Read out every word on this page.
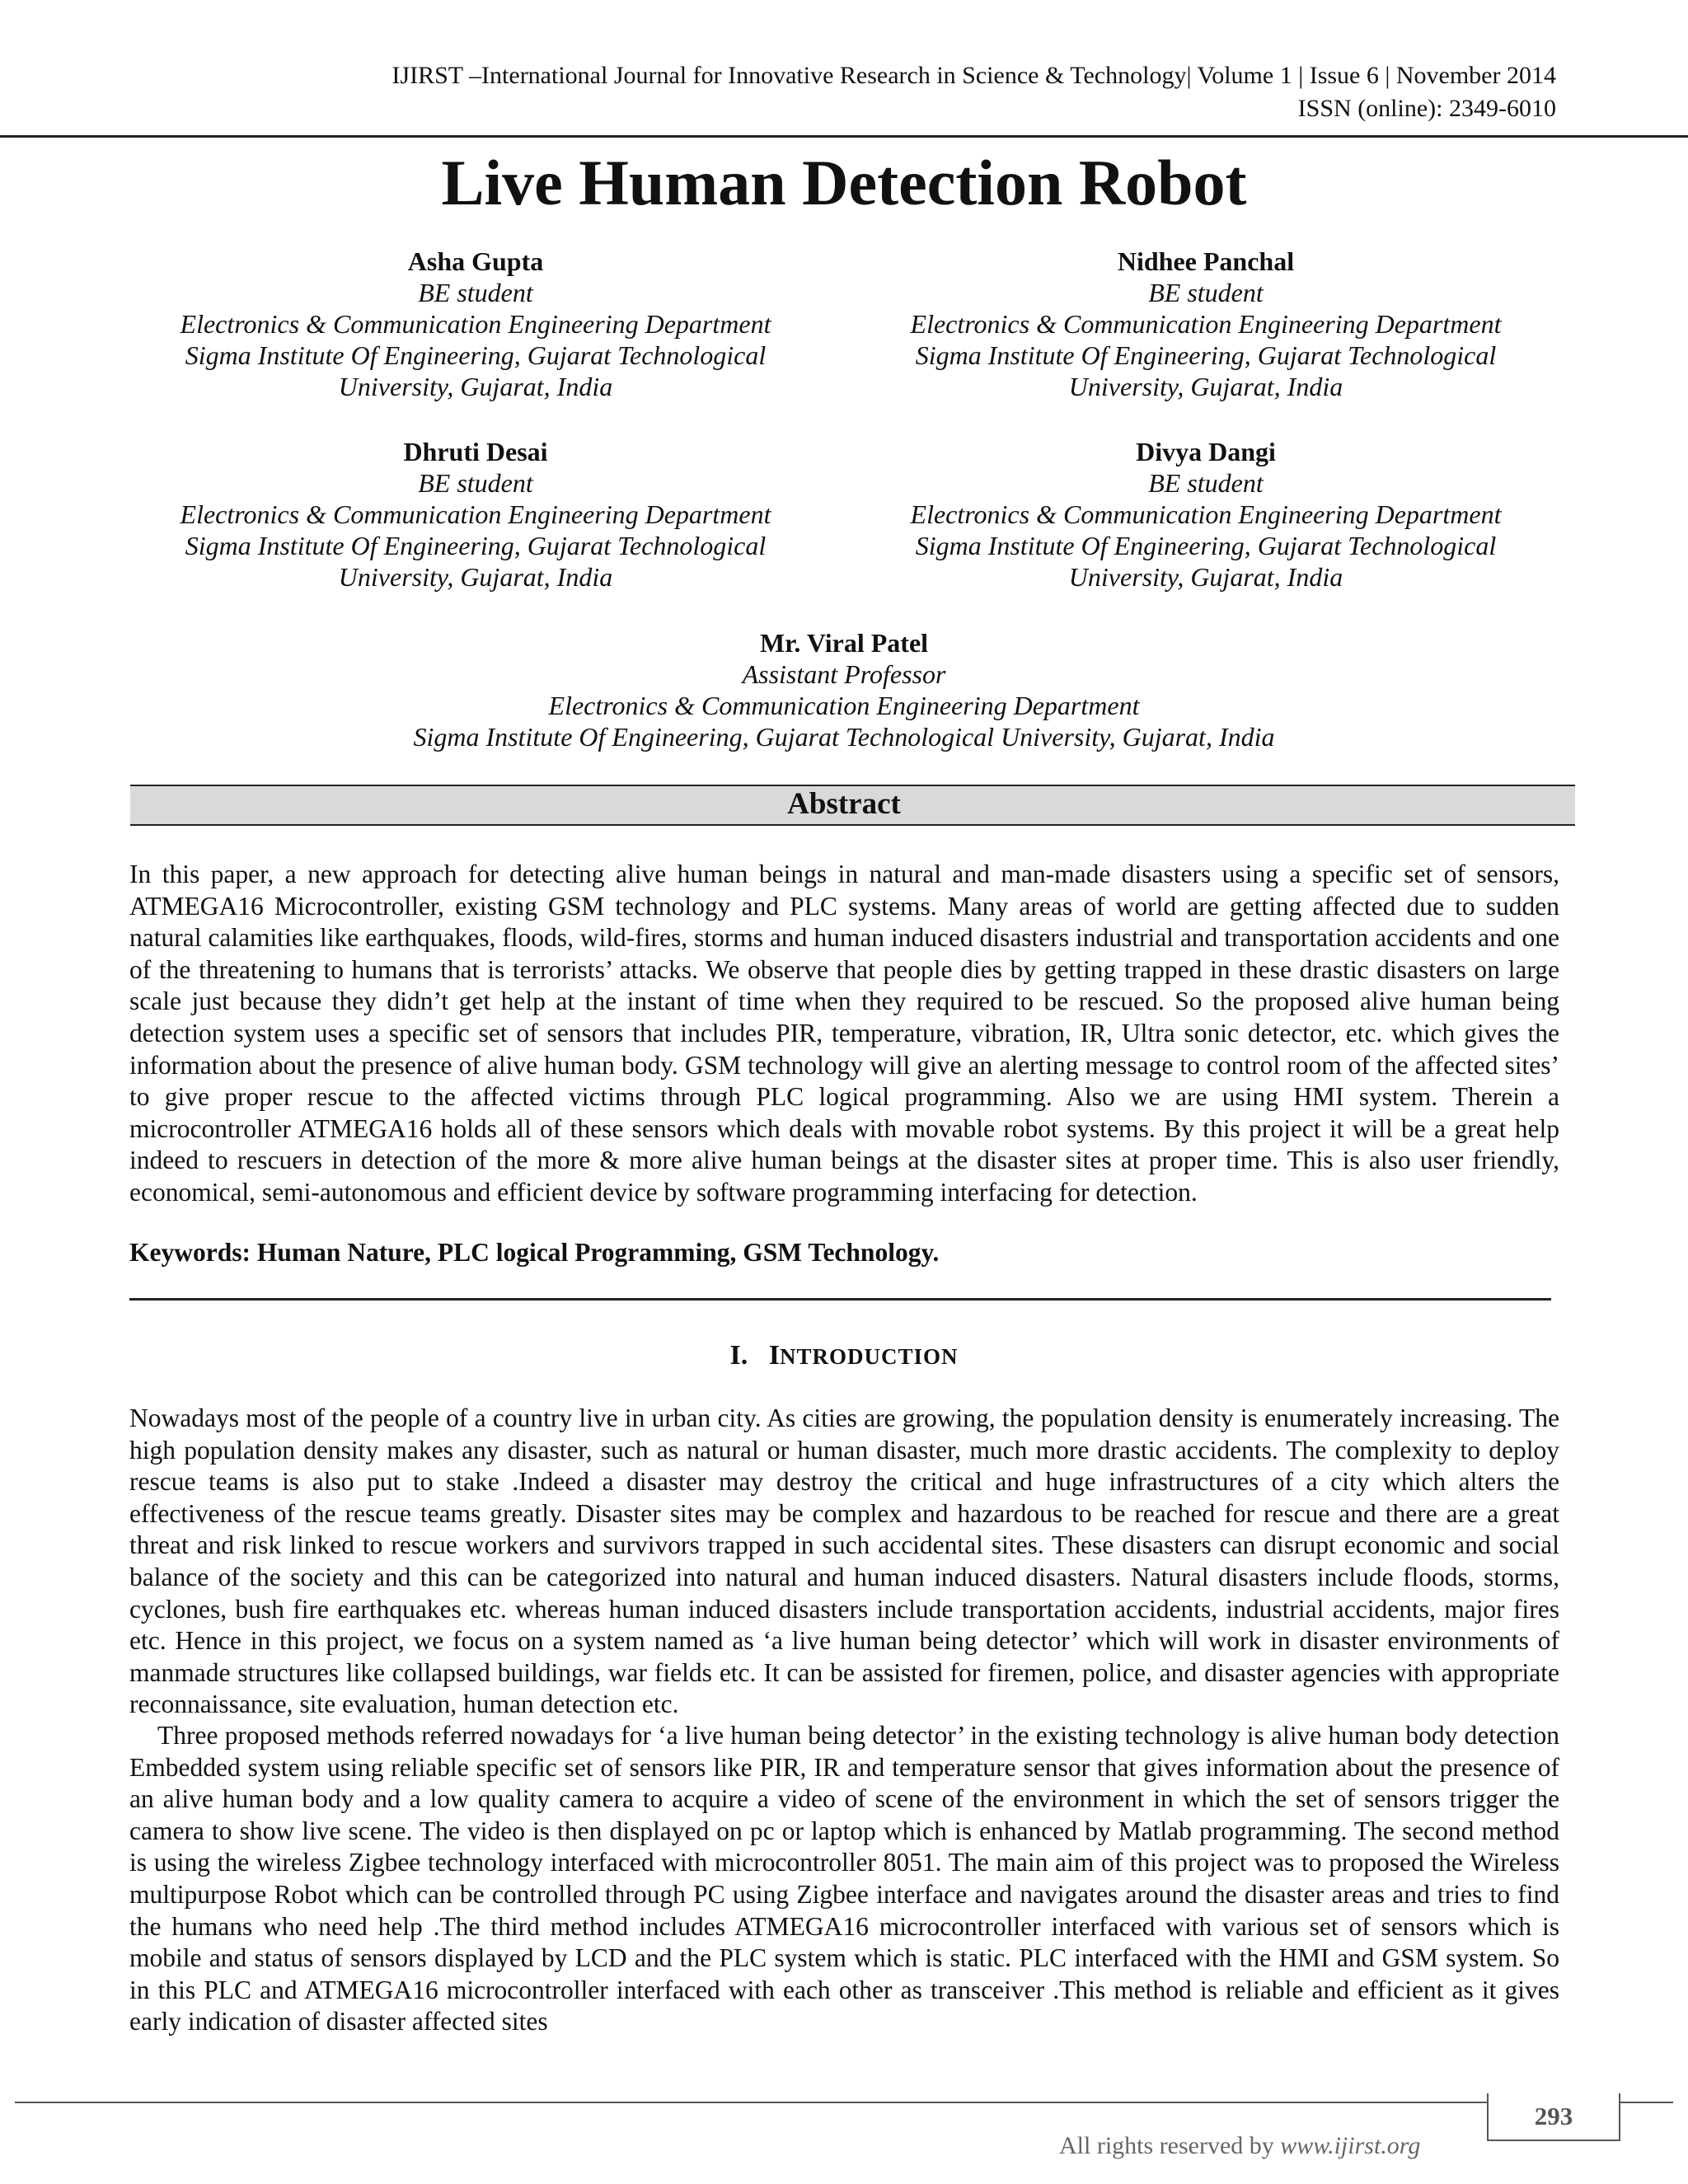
IJIRST –International Journal for Innovative Research in Science & Technology| Volume 1 | Issue 6 | November 2014
ISSN (online): 2349-6010
Live Human Detection Robot
Asha Gupta
BE student
Electronics & Communication Engineering Department
Sigma Institute Of Engineering, Gujarat Technological
University, Gujarat, India
Nidhee Panchal
BE student
Electronics & Communication Engineering Department
Sigma Institute Of Engineering, Gujarat Technological
University, Gujarat, India
Dhruti Desai
BE student
Electronics & Communication Engineering Department
Sigma Institute Of Engineering, Gujarat Technological
University, Gujarat, India
Divya Dangi
BE student
Electronics & Communication Engineering Department
Sigma Institute Of Engineering, Gujarat Technological
University, Gujarat, India
Mr. Viral Patel
Assistant Professor
Electronics & Communication Engineering Department
Sigma Institute Of Engineering, Gujarat Technological University, Gujarat, India
Abstract

In this paper, a new approach for detecting alive human beings in natural and man-made disasters using a specific set of sensors, ATMEGA16 Microcontroller, existing GSM technology and PLC systems. Many areas of world are getting affected due to sudden natural calamities like earthquakes, floods, wild-fires, storms and human induced disasters industrial and transportation accidents and one of the threatening to humans that is terrorists’ attacks. We observe that people dies by getting trapped in these drastic disasters on large scale just because they didn’t get help at the instant of time when they required to be rescued. So the proposed alive human being detection system uses a specific set of sensors that includes PIR, temperature, vibration, IR, Ultra sonic detector, etc. which gives the information about the presence of alive human body. GSM technology will give an alerting message to control room of the affected sites’ to give proper rescue to the affected victims through PLC logical programming. Also we are using HMI system. Therein a microcontroller ATMEGA16 holds all of these sensors which deals with movable robot systems. By this project it will be a great help indeed to rescuers in detection of the more & more alive human beings at the disaster sites at proper time. This is also user friendly, economical, semi-autonomous and efficient device by software programming interfacing for detection.

Keywords: Human Nature, PLC logical Programming, GSM Technology.
I. INTRODUCTION

Nowadays most of the people of a country live in urban city. As cities are growing, the population density is enumerately increasing. The high population density makes any disaster, such as natural or human disaster, much more drastic accidents. The complexity to deploy rescue teams is also put to stake .Indeed a disaster may destroy the critical and huge infrastructures of a city which alters the effectiveness of the rescue teams greatly. Disaster sites may be complex and hazardous to be reached for rescue and there are a great threat and risk linked to rescue workers and survivors trapped in such accidental sites. These disasters can disrupt economic and social balance of the society and this can be categorized into natural and human induced disasters. Natural disasters include floods, storms, cyclones, bush fire earthquakes etc. whereas human induced disasters include transportation accidents, industrial accidents, major fires etc. Hence in this project, we focus on a system named as ‘a live human being detector’ which will work in disaster environments of manmade structures like collapsed buildings, war fields etc. It can be assisted for firemen, police, and disaster agencies with appropriate reconnaissance, site evaluation, human detection etc.

Three proposed methods referred nowadays for ‘a live human being detector’ in the existing technology is alive human body detection Embedded system using reliable specific set of sensors like PIR, IR and temperature sensor that gives information about the presence of an alive human body and a low quality camera to acquire a video of scene of the environment in which the set of sensors trigger the camera to show live scene. The video is then displayed on pc or laptop which is enhanced by Matlab programming. The second method is using the wireless Zigbee technology interfaced with microcontroller 8051. The main aim of this project was to proposed the Wireless multipurpose Robot which can be controlled through PC using Zigbee interface and navigates around the disaster areas and tries to find the humans who need help .The third method includes ATMEGA16 microcontroller interfaced with various set of sensors which is mobile and status of sensors displayed by LCD and the PLC system which is static. PLC interfaced with the HMI and GSM system. So in this PLC and ATMEGA16 microcontroller interfaced with each other as transceiver .This method is reliable and efficient as it gives early indication of disaster affected sites

All rights reserved by www.ijirst.org
293
